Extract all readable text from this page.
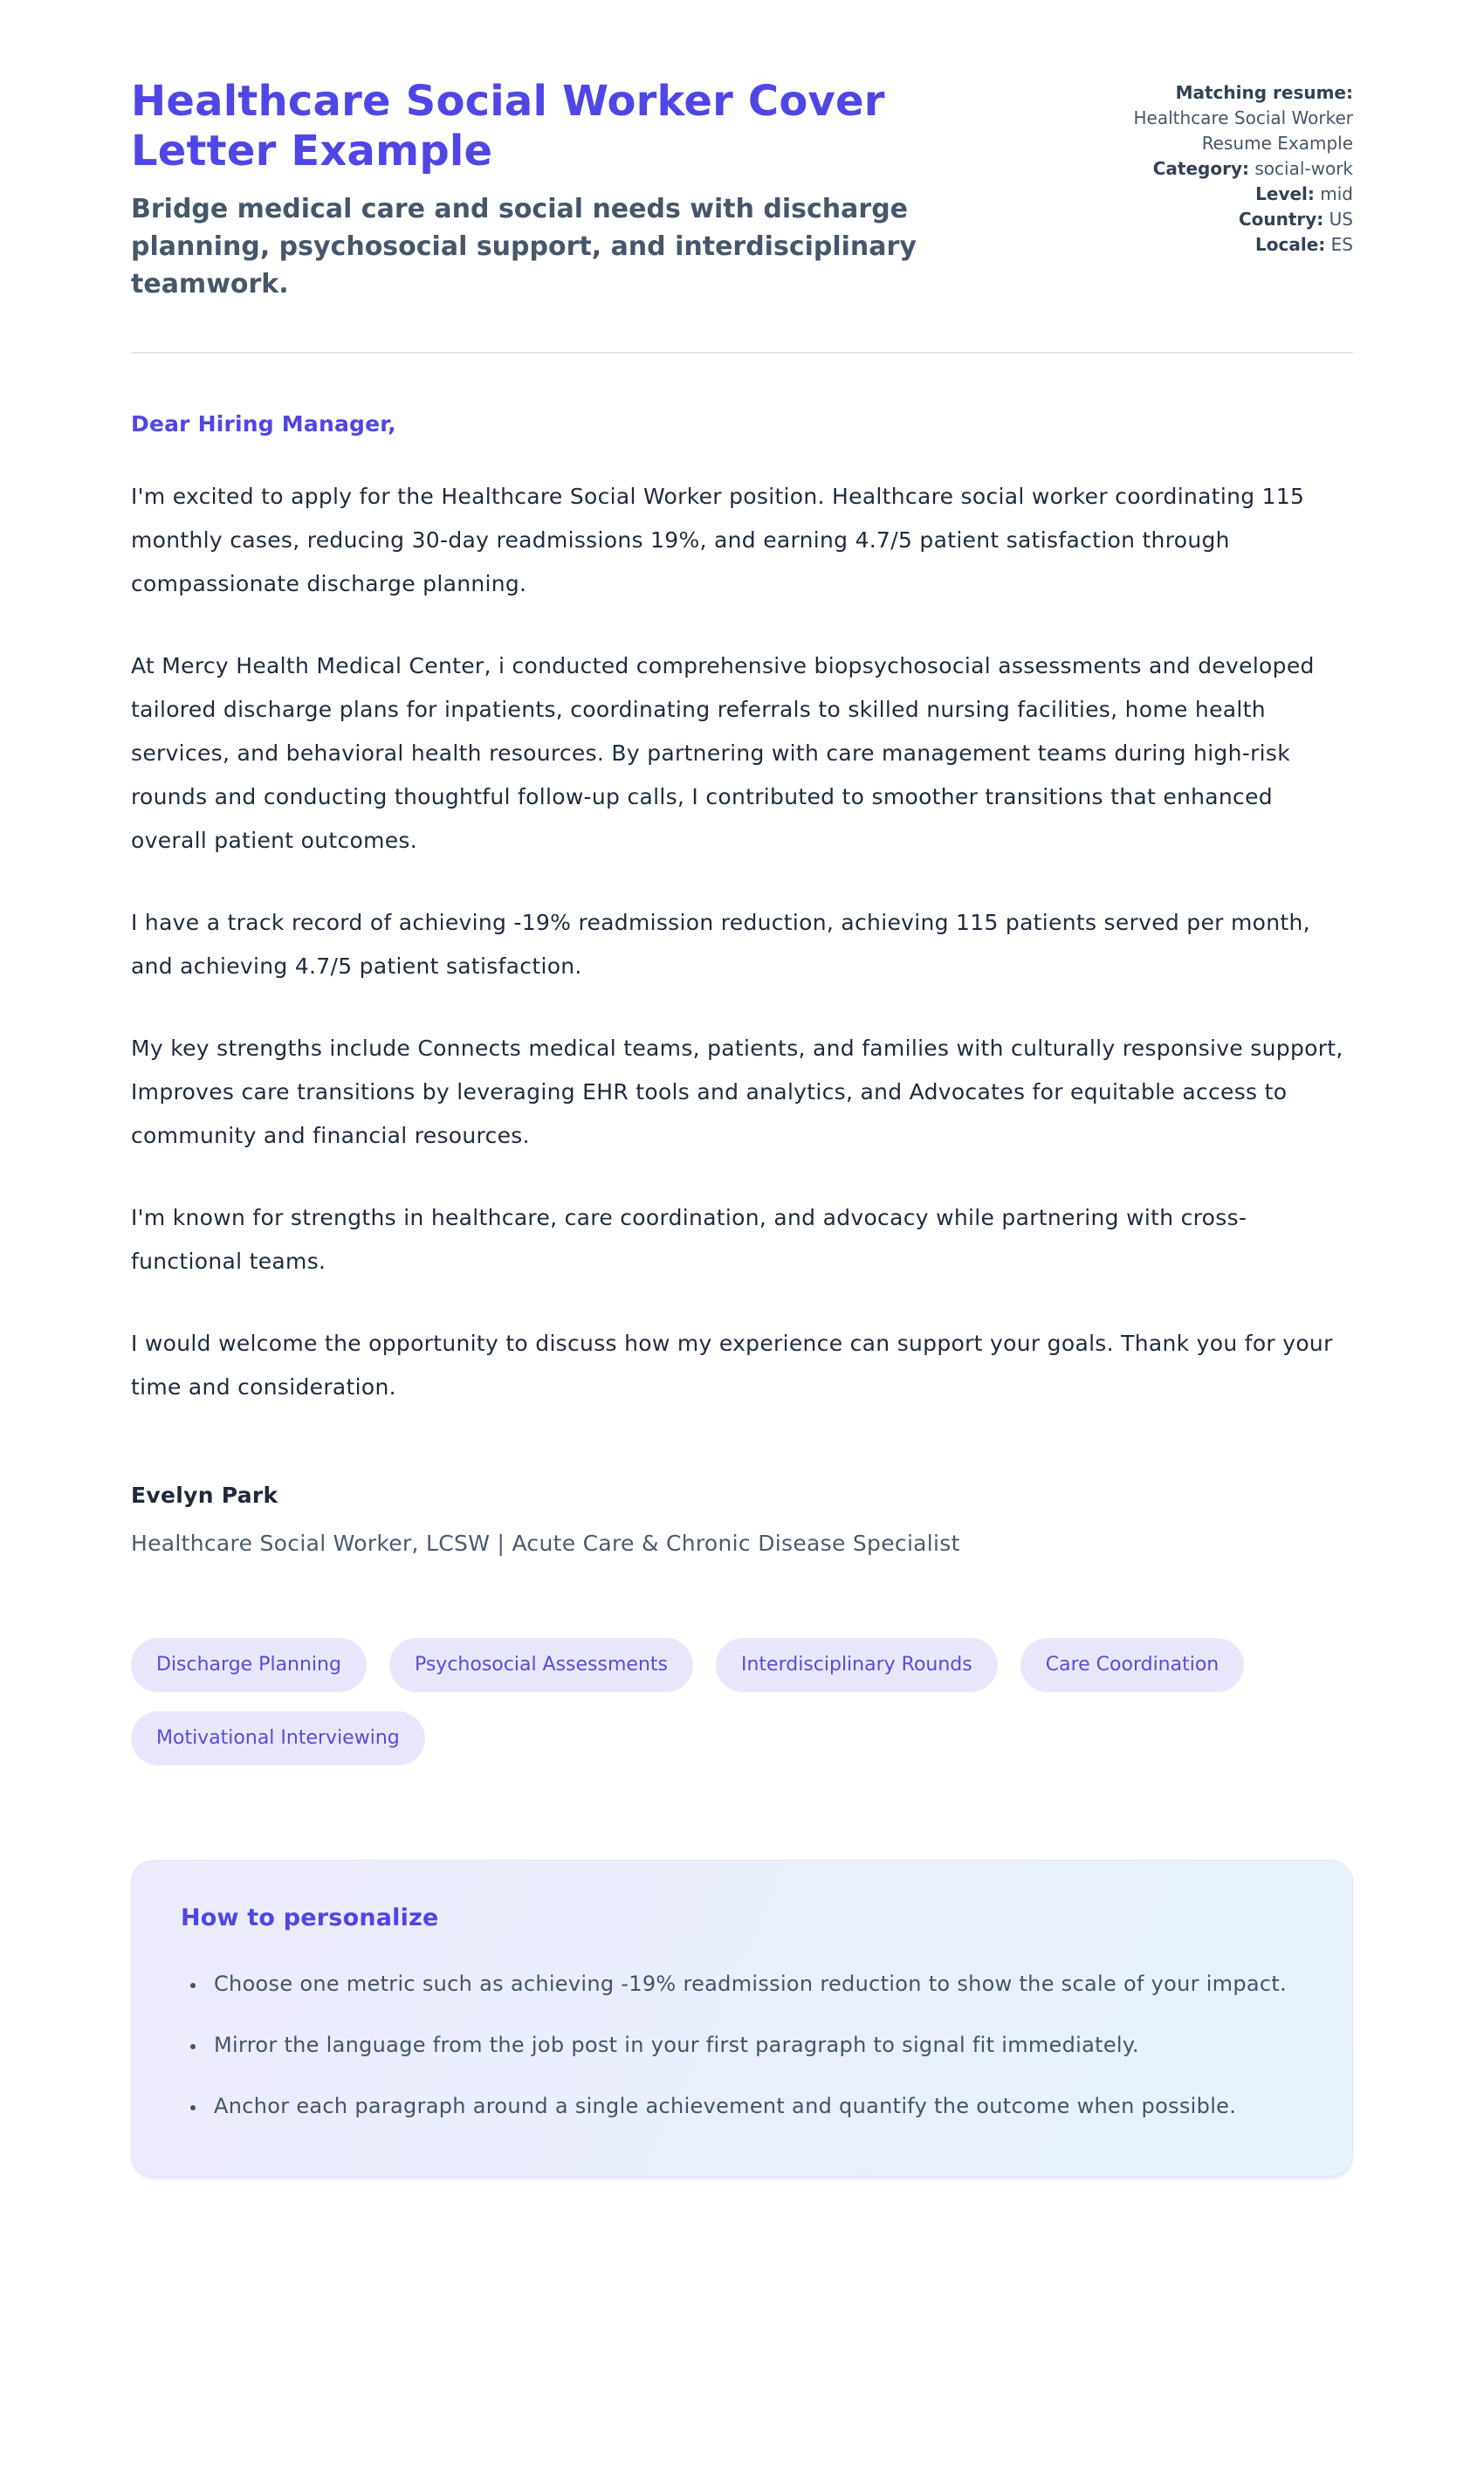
Healthcare Social Worker Cover Letter Example
Bridge medical care and social needs with discharge planning, psychosocial support, and interdisciplinary teamwork.
Matching resume: Healthcare Social Worker Resume Example
Category: social-work
Level: mid
Country: US
Locale: ES
Dear Hiring Manager,

I'm excited to apply for the Healthcare Social Worker position. Healthcare social worker coordinating 115 monthly cases, reducing 30-day readmissions 19%, and earning 4.7/5 patient satisfaction through compassionate discharge planning.

At Mercy Health Medical Center, i conducted comprehensive biopsychosocial assessments and developed tailored discharge plans for inpatients, coordinating referrals to skilled nursing facilities, home health services, and behavioral health resources. By partnering with care management teams during high-risk rounds and conducting thoughtful follow-up calls, I contributed to smoother transitions that enhanced overall patient outcomes.

I have a track record of achieving -19% readmission reduction, achieving 115 patients served per month, and achieving 4.7/5 patient satisfaction.

My key strengths include Connects medical teams, patients, and families with culturally responsive support, Improves care transitions by leveraging EHR tools and analytics, and Advocates for equitable access to community and financial resources.

I'm known for strengths in healthcare, care coordination, and advocacy while partnering with cross-functional teams.

I would welcome the opportunity to discuss how my experience can support your goals. Thank you for your time and consideration.

Evelyn Park
Healthcare Social Worker, LCSW | Acute Care & Chronic Disease Specialist
Discharge Planning	Psychosocial Assessments	Interdisciplinary Rounds	Care Coordination
Motivational Interviewing
How to personalize
• Choose one metric such as achieving -19% readmission reduction to show the scale of your impact.
• Mirror the language from the job post in your first paragraph to signal fit immediately.
• Anchor each paragraph around a single achievement and quantify the outcome when possible.
